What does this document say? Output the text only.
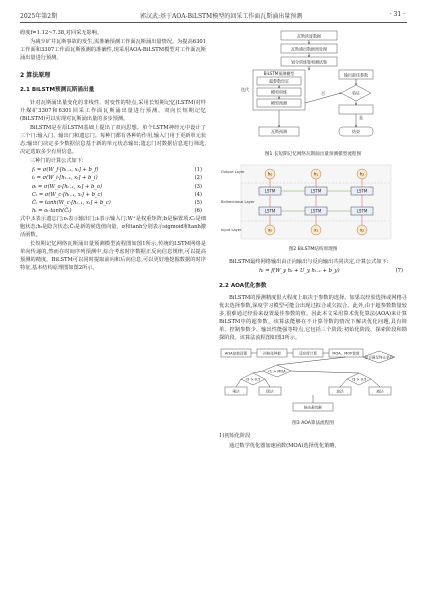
2025年第2期	郭汉武:基于AOA-BiLSTM模型的回采工作面瓦斯涌出量预测	· 31 ·

碍度f=1.12~7.38,对回采无影响。

为减少矿井瓦斯事故的发生,需准确预测工作面瓦斯涌出量情况。为提高6301工作面和3307工作面瓦斯预测的准确性,现采用AOA-BiLSTM模型对工作面瓦斯涌出量进行预测。

2 算法原理
2.1 BiLSTM预测瓦斯涌出量

针对瓦斯涌出量变化的非线性、时变性的特点,采用长短期记忆(LSTM)对样升煤矿3307和6301回采工作面瓦斯涌出量进行预测。双向长短期记忆(BiLSTM)可以实现对瓦斯涌出量的多步预测。

BiLSTM是在原LSTM基础上提出了双向思想。单个LSTM神经元中设计了三个门:输入门、输出门和遗忘门。每种门都有各种的作用,输入门用于更新单元状态;输出门决定多少数据信息基于新的单元状态输出;遗忘门对数据信息进行筛选,决定选取多少有用信息。

三种门的计算公式如下:

fₜ = σ(W_f·[hₜ₋₁, xₜ] + b_f)	(1)
iₜ = σ(W_i·[hₜ₋₁, xₜ] + b_i)	(2)
oₜ = σ(W_o·[hₜ₋₁, xₜ] + b_o)	(3)
Cₜ = σ(W_c·[hₜ₋₁, xₜ] + b_c)	(4)
C̃ₜ = tanh(W_c·[hₜ₋₁, xₜ] + b_c)	(5)
hₜ = oₜ·tanh(C̃ₜ)	(6)

式中,fₜ表示遗忘门;oₜ表示输出门;iₜ表示输入门;W⁺是权重矩阵;b是偏置项;Cₜ是细胞状态;hₜ是隐含状态;C̃ₜ是新的候选值向量、σ和tanh分别表示sigmoid和tanh激活函数。

长短期记忆网络瓦斯涌出量预测模型流程图如图1所示,传统的LSTM网络是单向传递的,然而在时间序列预测中,综合考虑时序数据正反向信息规律,可以提高预测的精度。BiLSTM可以同时提取前向和后向信息,可以更好地挖掘数据的时序特征,基本结构原理图如图2所示。

瓦斯浓度数据
瓦斯涌出数据预处理
划分训练集和测试集
BiLSTM预测模型
超参数设定
模型训练
模型预测
瓦斯预测
验证
结束
输出最佳参数
是
否
迭代
图1 长短期记忆网络瓦斯涌出量预测模型流程图
Output Layer
Bidirectional Layer
Input Layer
LSTM	LSTM	LSTM
LSTM	LSTM	LSTM
h₀	h₁	h₂
x₀	x₁	x₂
图2 BiLSTM结构原理图

BiLSTM最终网络输出由正向输出与反向输出共同决定,计算公式如下:

hₜ = f(W_y hₜ + U_y hₜ₋₁ + b_y)	(7)
2.2 AOA优化参数

BiLSTM的预测精度很大程度上取决于参数的选择。如果以经验选择或网格寻优去选择参数,深度学习模型可能会出现过拟合或欠拟合。此外,由于超参数数量较多,很难通过经验来设置最佳参数的值。因此本文采用算术优化算法(AOA)来计算BiLSTM中的超参数。该算法能够在不计算导数的情况下解决优化问题,具有简单、控制参数少、输出性能强等特点,它包括三个阶段:初始化阶段、探索阶段和勘探阶段。该算法流程图如图3所示。

AOA参数设置	初始化种群	适应度计算	MOA、MOP更新
r1 > MOA
r2 > 0.5	r3 > 0.5
乘法	除法	加法	减法
是否满足终止条件
输出最优解
图3 AOA算法流程图

1)初始化阶段

通过数学优化器加速函数(MOA)选择优化策略,
